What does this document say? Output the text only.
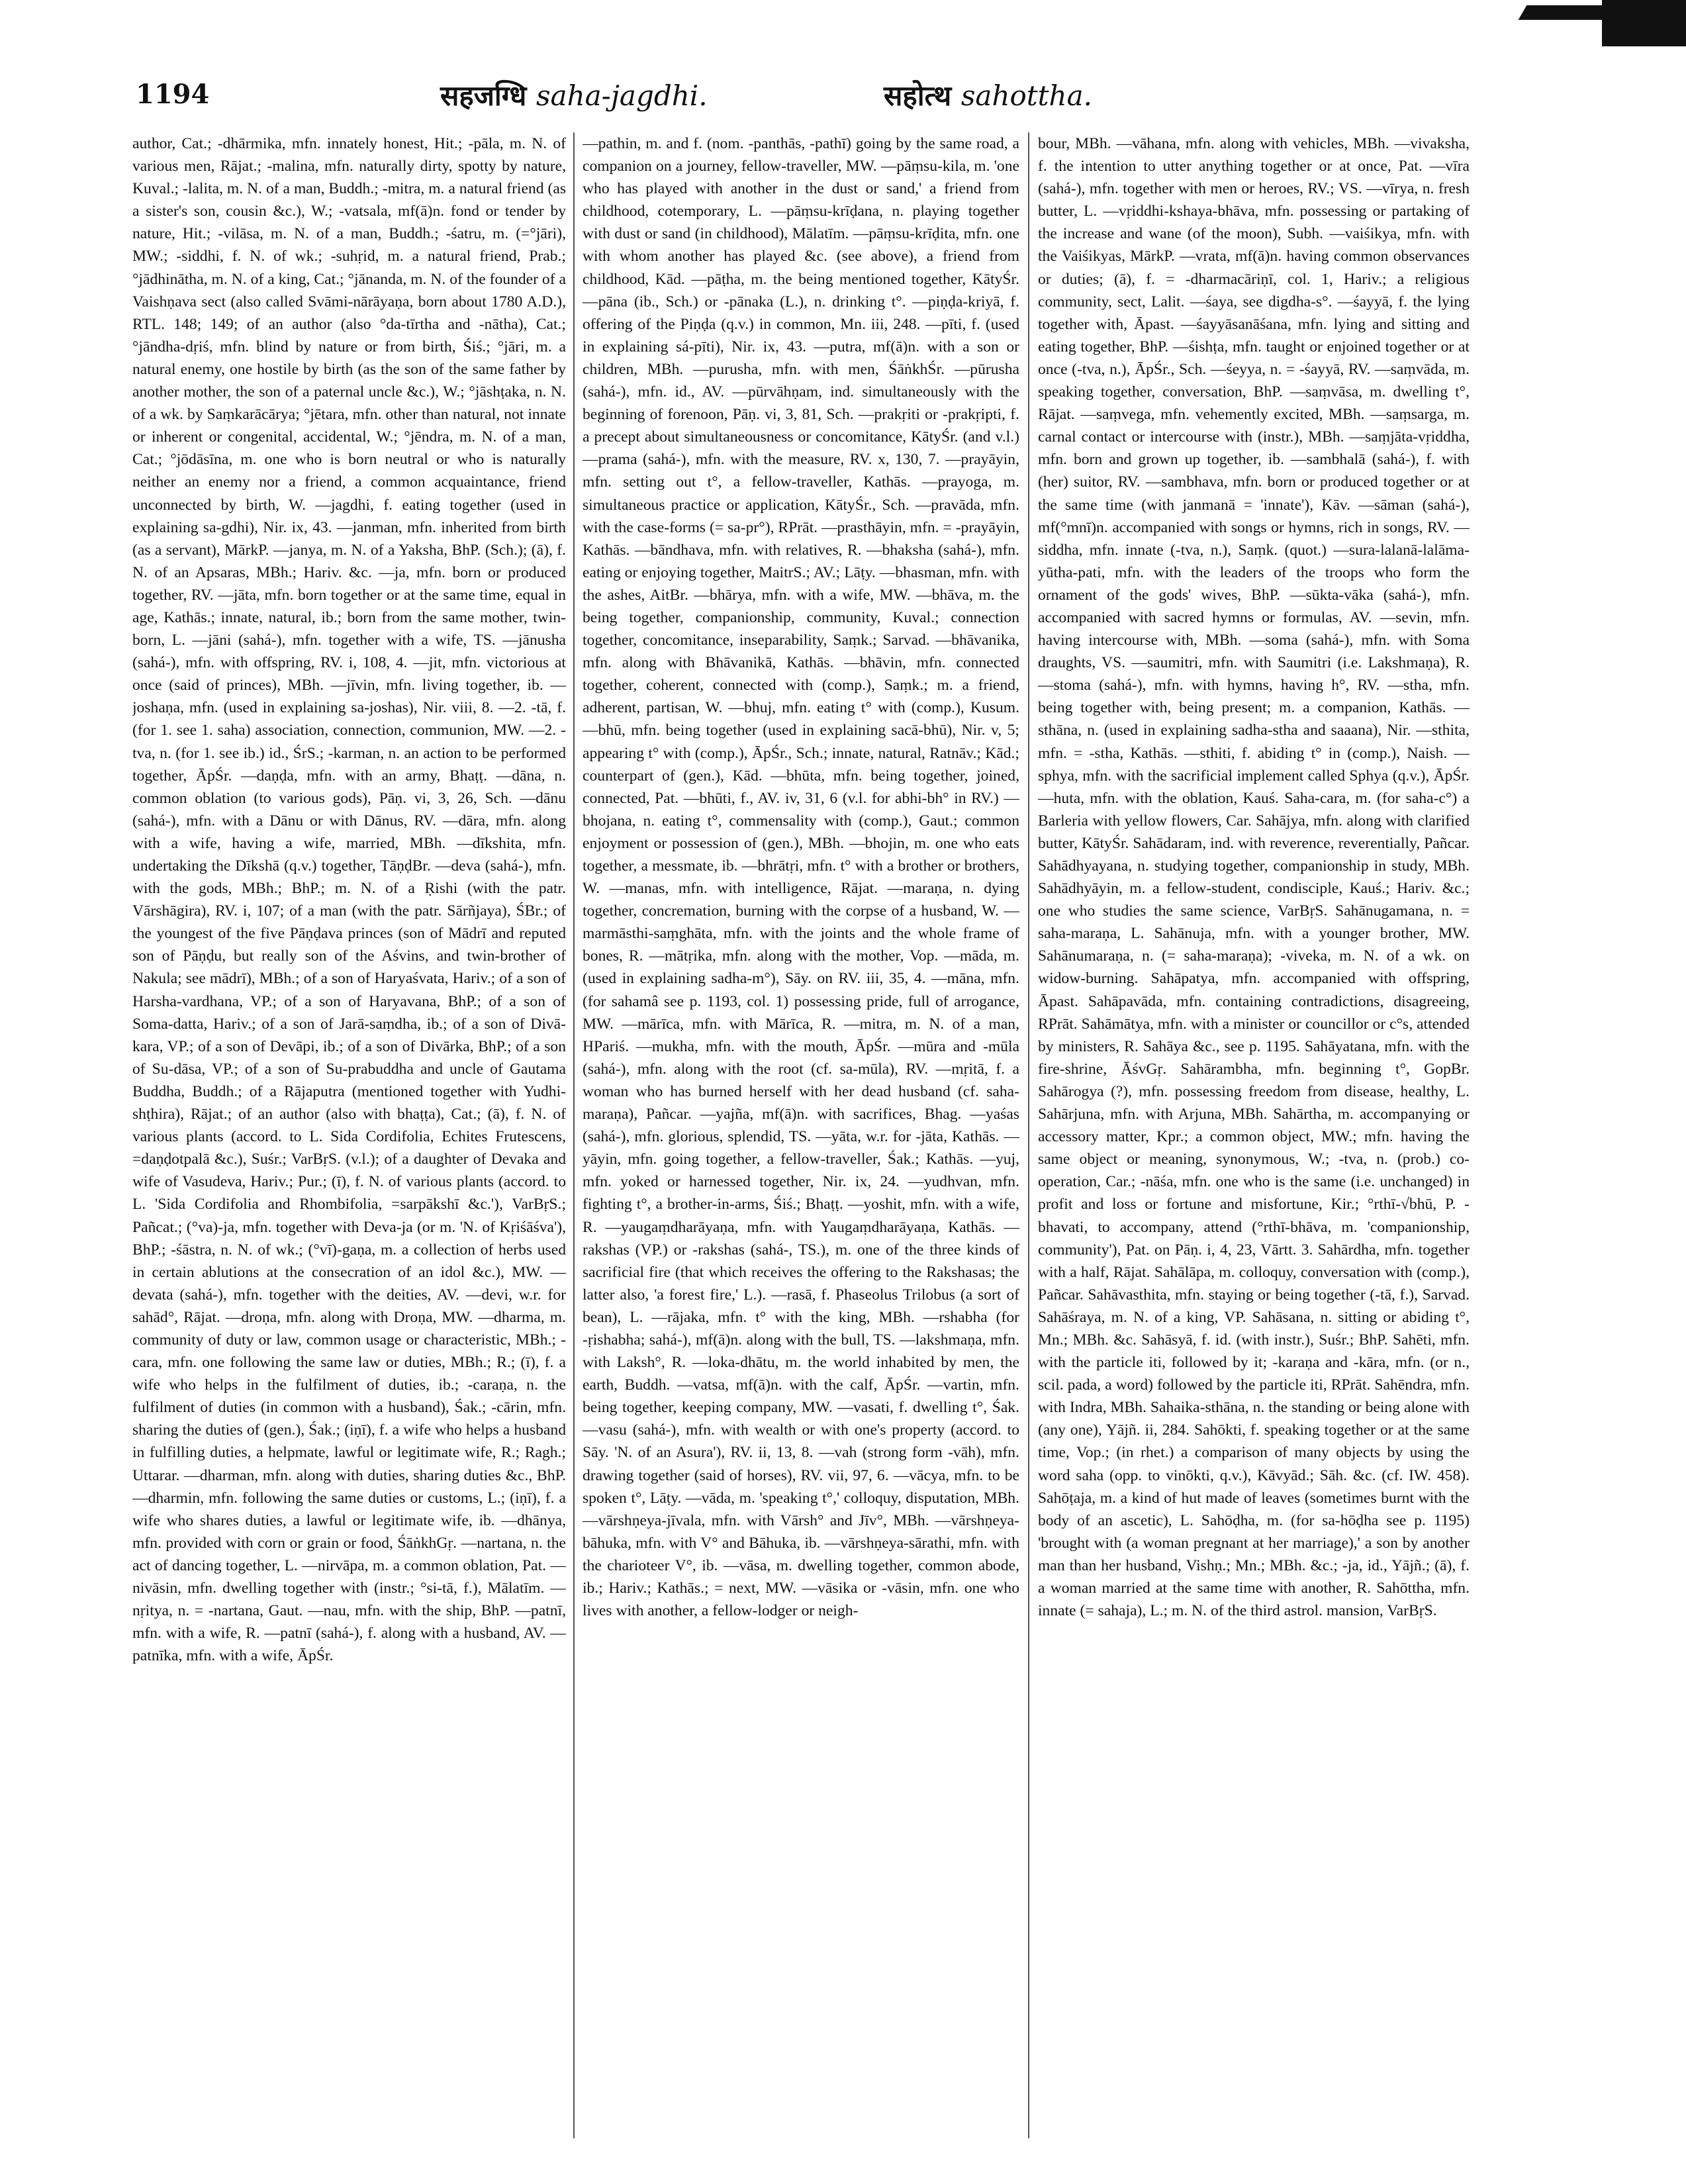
1194	सहजग्धि saha-jagdhi.	सहोत्थ sahottha.

author, Cat.; -dhārmika, mfn. innately honest, Hit.; -pāla, m. N. of various men, Rājat.; -malina, mfn. naturally dirty, spotty by nature, Kuval.; -lalita, m. N. of a man, Buddh.; -mitra, m. a natural friend (as a sister's son, cousin &c.), W.; -vatsala, mf(ā)n. fond or tender by nature, Hit.; -vilāsa, m. N. of a man, Buddh.; -śatru, m. (=°jāri), MW.; -siddhi, f. N. of wk.; -suhṛid, m. a natural friend, Prab.; °jādhinātha, m. N. of a king, Cat.; °jānanda, m. N. of the founder of a Vaishṇava sect (also called Svāmi-nārāyaṇa, born about 1780 A.D.), RTL. 148; 149; of an author (also °da-tīrtha and -nātha), Cat.; °jāndha-dṛiś, mfn. blind by nature or from birth, Śiś.; °jāri, m. a natural enemy, one hostile by birth (as the son of the same father by another mother, the son of a paternal uncle &c.), W.; °jāshṭaka, n. N. of a wk. by Saṃkarācārya; °jētara, mfn. other than natural, not innate or inherent or congenital, accidental, W.; °jēndra, m. N. of a man, Cat.; °jōdāsīna, m. one who is born neutral or who is naturally neither an enemy nor a friend, a common acquaintance, friend unconnected by birth, W. —jagdhi, f. eating together (used in explaining sa-gdhi), Nir. ix, 43. —janman, mfn. inherited from birth (as a servant), MārkP. —janya, m. N. of a Yaksha, BhP. (Sch.); (ā), f. N. of an Apsaras, MBh.; Hariv. &c. —ja, mfn. born or produced together, RV. —jāta, mfn. born together or at the same time, equal in age, Kathās.; innate, natural, ib.; born from the same mother, twin-born, L. —jāni (sahá-), mfn. together with a wife, TS. —jānusha (sahá-), mfn. with offspring, RV. i, 108, 4. —jit, mfn. victorious at once (said of princes), MBh. —jīvin, mfn. living together, ib. —joshaṇa, mfn. (used in explaining sa-joshas), Nir. viii, 8. —2. -tā, f. (for 1. see 1. saha) association, connection, communion, MW. —2. -tva, n. (for 1. see ib.) id., ŚrS.; -karman, n. an action to be performed together, ĀpŚr. —daṇḍa, mfn. with an army, Bhaṭṭ. —dāna, n. common oblation (to various gods), Pāṇ. vi, 3, 26, Sch. —dānu (sahá-), mfn. with a Dānu or with Dānus, RV. —dāra, mfn. along with a wife, having a wife, married, MBh. —dīkshita, mfn. undertaking the Dīkshā (q.v.) together, TāṇḍBr. —deva (sahá-), mfn. with the gods, MBh.; BhP.; m. N. of a Ṛishi (with the patr. Vārshāgira), RV. i, 107; of a man (with the patr. Sārñjaya), ŚBr.; of the youngest of the five Pāṇḍava princes (son of Mādrī and reputed son of Pāṇḍu, but really son of the Aśvins, and twin-brother of Nakula; see mādrī), MBh.; of a son of Haryaśvata, Hariv.; of a son of Harsha-vardhana, VP.; of a son of Haryavana, BhP.; of a son of Soma-datta, Hariv.; of a son of Jarā-saṃdha, ib.; of a son of Divā-kara, VP.; of a son of Devāpi, ib.; of a son of Divārka, BhP.; of a son of Su-dāsa, VP.; of a son of Su-prabuddha and uncle of Gautama Buddha, Buddh.; of a Rājaputra (mentioned together with Yudhi-shṭhira), Rājat.; of an author (also with bhaṭṭa), Cat.; (ā), f. N. of various plants (accord. to L. Sida Cordifolia, Echites Frutescens, =daṇḍotpalā &c.), Suśr.; VarBṛS. (v.l.); of a daughter of Devaka and wife of Vasudeva, Hariv.; Pur.; (ī), f. N. of various plants (accord. to L. 'Sida Cordifolia and Rhombifolia, =sarpākshī &c.'), VarBṛS.; Pañcat.; (°va)-ja, mfn. together with Deva-ja (or m. 'N. of Kṛiśāśva'), BhP.; -śāstra, n. N. of wk.; (°vī)-gaṇa, m. a collection of herbs used in certain ablutions at the consecration of an idol &c.), MW. —devata (sahá-), mfn. together with the deities, AV. —devi, w.r. for sahād°, Rājat. —droṇa, mfn. along with Droṇa, MW. —dharma, m. community of duty or law, common usage or characteristic, MBh.; -cara, mfn. one following the same law or duties, MBh.; R.; (ī), f. a wife who helps in the fulfilment of duties, ib.; -caraṇa, n. the fulfilment of duties (in common with a husband), Śak.; -cārin, mfn. sharing the duties of (gen.), Śak.; (iṇī), f. a wife who helps a husband in fulfilling duties, a helpmate, lawful or legitimate wife, R.; Ragh.; Uttarar. —dharman, mfn. along with duties, sharing duties &c., BhP. —dharmin, mfn. following the same duties or customs, L.; (iṇī), f. a wife who shares duties, a lawful or legitimate wife, ib. —dhānya, mfn. provided with corn or grain or food, ŚāṅkhGṛ. —nartana, n. the act of dancing together, L. —nirvāpa, m. a common oblation, Pat. —nivāsin, mfn. dwelling together with (instr.; °si-tā, f.), Mālatīm. —nṛitya, n. = -nartana, Gaut. —nau, mfn. with the ship, BhP. —patnī, mfn. with a wife, R. —patnī (sahá-), f. along with a husband, AV. —patnīka, mfn. with a wife, ĀpŚr.

—pathin, m. and f. (nom. -panthās, -pathī) going by the same road, a companion on a journey, fellow-traveller, MW. —pāṃsu-kila, m. 'one who has played with another in the dust or sand,' a friend from childhood, cotemporary, L. —pāṃsu-krīḍana, n. playing together with dust or sand (in childhood), Mālatīm. —pāṃsu-krīḍita, mfn. one with whom another has played &c. (see above), a friend from childhood, Kād. —pāṭha, m. the being mentioned together, KātyŚr. —pāna (ib., Sch.) or -pānaka (L.), n. drinking t°. —piṇḍa-kriyā, f. offering of the Piṇḍa (q.v.) in common, Mn. iii, 248. —pīti, f. (used in explaining sá-pīti), Nir. ix, 43. —putra, mf(ā)n. with a son or children, MBh. —purusha, mfn. with men, ŚāṅkhŚr. —pūrusha (sahá-), mfn. id., AV. —pūrvāhṇam, ind. simultaneously with the beginning of forenoon, Pāṇ. vi, 3, 81, Sch. —prakṛiti or -prakṛipti, f. a precept about simultaneousness or concomitance, KātyŚr. (and v.l.) —prama (sahá-), mfn. with the measure, RV. x, 130, 7. —prayāyin, mfn. setting out t°, a fellow-traveller, Kathās. —prayoga, m. simultaneous practice or application, KātyŚr., Sch. —pravāda, mfn. with the case-forms (= sa-pr°), RPrāt. —prasthāyin, mfn. = -prayāyin, Kathās. —bāndhava, mfn. with relatives, R. —bhaksha (sahá-), mfn. eating or enjoying together, MaitrS.; AV.; Lāṭy. —bhasman, mfn. with the ashes, AitBr. —bhārya, mfn. with a wife, MW. —bhāva, m. the being together, companionship, community, Kuval.; connection together, concomitance, inseparability, Saṃk.; Sarvad. —bhāvanika, mfn. along with Bhāvanikā, Kathās. —bhāvin, mfn. connected together, coherent, connected with (comp.), Saṃk.; m. a friend, adherent, partisan, W. —bhuj, mfn. eating t° with (comp.), Kusum. —bhū, mfn. being together (used in explaining sacā-bhū), Nir. v, 5; appearing t° with (comp.), ĀpŚr., Sch.; innate, natural, Ratnāv.; Kād.; counterpart of (gen.), Kād. —bhūta, mfn. being together, joined, connected, Pat. —bhūti, f., AV. iv, 31, 6 (v.l. for abhi-bh° in RV.) —bhojana, n. eating t°, commensality with (comp.), Gaut.; common enjoyment or possession of (gen.), MBh. —bhojin, m. one who eats together, a messmate, ib. —bhrātṛi, mfn. t° with a brother or brothers, W. —manas, mfn. with intelligence, Rājat. —maraṇa, n. dying together, concremation, burning with the corpse of a husband, W. —marmāsthi-saṃghāta, mfn. with the joints and the whole frame of bones, R. —mātṛika, mfn. along with the mother, Vop. —māda, m. (used in explaining sadha-m°), Sāy. on RV. iii, 35, 4. —māna, mfn. (for sahamâ see p. 1193, col. 1) possessing pride, full of arrogance, MW. —mārīca, mfn. with Mārīca, R. —mitra, m. N. of a man, HPariś. —mukha, mfn. with the mouth, ĀpŚr. —mūra and -mūla (sahá-), mfn. along with the root (cf. sa-mūla), RV. —mṛitā, f. a woman who has burned herself with her dead husband (cf. saha-maraṇa), Pañcar. —yajña, mf(ā)n. with sacrifices, Bhag. —yaśas (sahá-), mfn. glorious, splendid, TS. —yāta, w.r. for -jāta, Kathās. —yāyin, mfn. going together, a fellow-traveller, Śak.; Kathās. —yuj, mfn. yoked or harnessed together, Nir. ix, 24. —yudhvan, mfn. fighting t°, a brother-in-arms, Śiś.; Bhaṭṭ. —yoshit, mfn. with a wife, R. —yaugaṃdharāyaṇa, mfn. with Yaugaṃdharāyaṇa, Kathās. —rakshas (VP.) or -rakshas (sahá-, TS.), m. one of the three kinds of sacrificial fire (that which receives the offering to the Rakshasas; the latter also, 'a forest fire,' L.). —rasā, f. Phaseolus Trilobus (a sort of bean), L. —rājaka, mfn. t° with the king, MBh. —rshabha (for -ṛishabha; sahá-), mf(ā)n. along with the bull, TS. —lakshmaṇa, mfn. with Laksh°, R. —loka-dhātu, m. the world inhabited by men, the earth, Buddh. —vatsa, mf(ā)n. with the calf, ĀpŚr. —vartin, mfn. being together, keeping company, MW. —vasati, f. dwelling t°, Śak. —vasu (sahá-), mfn. with wealth or with one's property (accord. to Sāy. 'N. of an Asura'), RV. ii, 13, 8. —vah (strong form -vāh), mfn. drawing together (said of horses), RV. vii, 97, 6. —vācya, mfn. to be spoken t°, Lāṭy. —vāda, m. 'speaking t°,' colloquy, disputation, MBh. —vārshṇeya-jīvala, mfn. with Vārsh° and Jīv°, MBh. —vārshṇeya-bāhuka, mfn. with V° and Bāhuka, ib. —vārshṇeya-sārathi, mfn. with the charioteer V°, ib. —vāsa, m. dwelling together, common abode, ib.; Hariv.; Kathās.; = next, MW. —vāsika or -vāsin, mfn. one who lives with another, a fellow-lodger or neigh-

bour, MBh. —vāhana, mfn. along with vehicles, MBh. —vivaksha, f. the intention to utter anything together or at once, Pat. —vīra (sahá-), mfn. together with men or heroes, RV.; VS. —vīrya, n. fresh butter, L. —vṛiddhi-kshaya-bhāva, mfn. possessing or partaking of the increase and wane (of the moon), Subh. —vaiśikya, mfn. with the Vaiśikyas, MārkP. —vrata, mf(ā)n. having common observances or duties; (ā), f. = -dharmacāriṇī, col. 1, Hariv.; a religious community, sect, Lalit. —śaya, see digdha-s°. —śayyā, f. the lying together with, Āpast. —śayyāsanāśana, mfn. lying and sitting and eating together, BhP. —śishṭa, mfn. taught or enjoined together or at once (-tva, n.), ĀpŚr., Sch. —śeyya, n. = -śayyā, RV. —saṃvāda, m. speaking together, conversation, BhP. —saṃvāsa, m. dwelling t°, Rājat. —saṃvega, mfn. vehemently excited, MBh. —saṃsarga, m. carnal contact or intercourse with (instr.), MBh. —saṃjāta-vṛiddha, mfn. born and grown up together, ib. —sambhalā (sahá-), f. with (her) suitor, RV. —sambhava, mfn. born or produced together or at the same time (with janmanā = 'innate'), Kāv. —sāman (sahá-), mf(°mnī)n. accompanied with songs or hymns, rich in songs, RV. —siddha, mfn. innate (-tva, n.), Saṃk. (quot.) —sura-lalanā-lalāma-yūtha-pati, mfn. with the leaders of the troops who form the ornament of the gods' wives, BhP. —sūkta-vāka (sahá-), mfn. accompanied with sacred hymns or formulas, AV. —sevin, mfn. having intercourse with, MBh. —soma (sahá-), mfn. with Soma draughts, VS. —saumitri, mfn. with Saumitri (i.e. Lakshmaṇa), R. —stoma (sahá-), mfn. with hymns, having h°, RV. —stha, mfn. being together with, being present; m. a companion, Kathās. —sthāna, n. (used in explaining sadha-stha and saaana), Nir. —sthita, mfn. = -stha, Kathās. —sthiti, f. abiding t° in (comp.), Naish. —sphya, mfn. with the sacrificial implement called Sphya (q.v.), ĀpŚr. —huta, mfn. with the oblation, Kauś. Saha-cara, m. (for saha-c°) a Barleria with yellow flowers, Car. Sahājya, mfn. along with clarified butter, KātyŚr. Sahādaram, ind. with reverence, reverentially, Pañcar. Sahādhyayana, n. studying together, companionship in study, MBh. Sahādhyāyin, m. a fellow-student, condisciple, Kauś.; Hariv. &c.; one who studies the same science, VarBṛS. Sahānugamana, n. = saha-maraṇa, L. Sahānuja, mfn. with a younger brother, MW. Sahānumaraṇa, n. (= saha-maraṇa); -viveka, m. N. of a wk. on widow-burning. Sahāpatya, mfn. accompanied with offspring, Āpast. Sahāpavāda, mfn. containing contradictions, disagreeing, RPrāt. Sahāmātya, mfn. with a minister or councillor or c°s, attended by ministers, R. Sahāya &c., see p. 1195. Sahāyatana, mfn. with the fire-shrine, ĀśvGṛ. Sahārambha, mfn. beginning t°, GopBr. Sahārogya (?), mfn. possessing freedom from disease, healthy, L. Sahārjuna, mfn. with Arjuna, MBh. Sahārtha, m. accompanying or accessory matter, Kpr.; a common object, MW.; mfn. having the same object or meaning, synonymous, W.; -tva, n. (prob.) co-operation, Car.; -nāśa, mfn. one who is the same (i.e. unchanged) in profit and loss or fortune and misfortune, Kir.; °rthī-√bhū, P. -bhavati, to accompany, attend (°rthī-bhāva, m. 'companionship, community'), Pat. on Pāṇ. i, 4, 23, Vārtt. 3. Sahārdha, mfn. together with a half, Rājat. Sahālāpa, m. colloquy, conversation with (comp.), Pañcar. Sahāvasthita, mfn. staying or being together (-tā, f.), Sarvad. Sahāśraya, m. N. of a king, VP. Sahāsana, n. sitting or abiding t°, Mn.; MBh. &c. Sahāsyā, f. id. (with instr.), Suśr.; BhP. Sahēti, mfn. with the particle iti, followed by it; -karaṇa and -kāra, mfn. (or n., scil. pada, a word) followed by the particle iti, RPrāt. Sahēndra, mfn. with Indra, MBh. Sahaika-sthāna, n. the standing or being alone with (any one), Yājñ. ii, 284. Sahōkti, f. speaking together or at the same time, Vop.; (in rhet.) a comparison of many objects by using the word saha (opp. to vinōkti, q.v.), Kāvyād.; Sāh. &c. (cf. IW. 458). Sahōṭaja, m. a kind of hut made of leaves (sometimes burnt with the body of an ascetic), L. Sahōḍha, m. (for sa-hōḍha see p. 1195) 'brought with (a woman pregnant at her marriage),' a son by another man than her husband, Vishṇ.; Mn.; MBh. &c.; -ja, id., Yājñ.; (ā), f. a woman married at the same time with another, R. Sahōttha, mfn. innate (= sahaja), L.; m. N. of the third astrol. mansion, VarBṛS.
